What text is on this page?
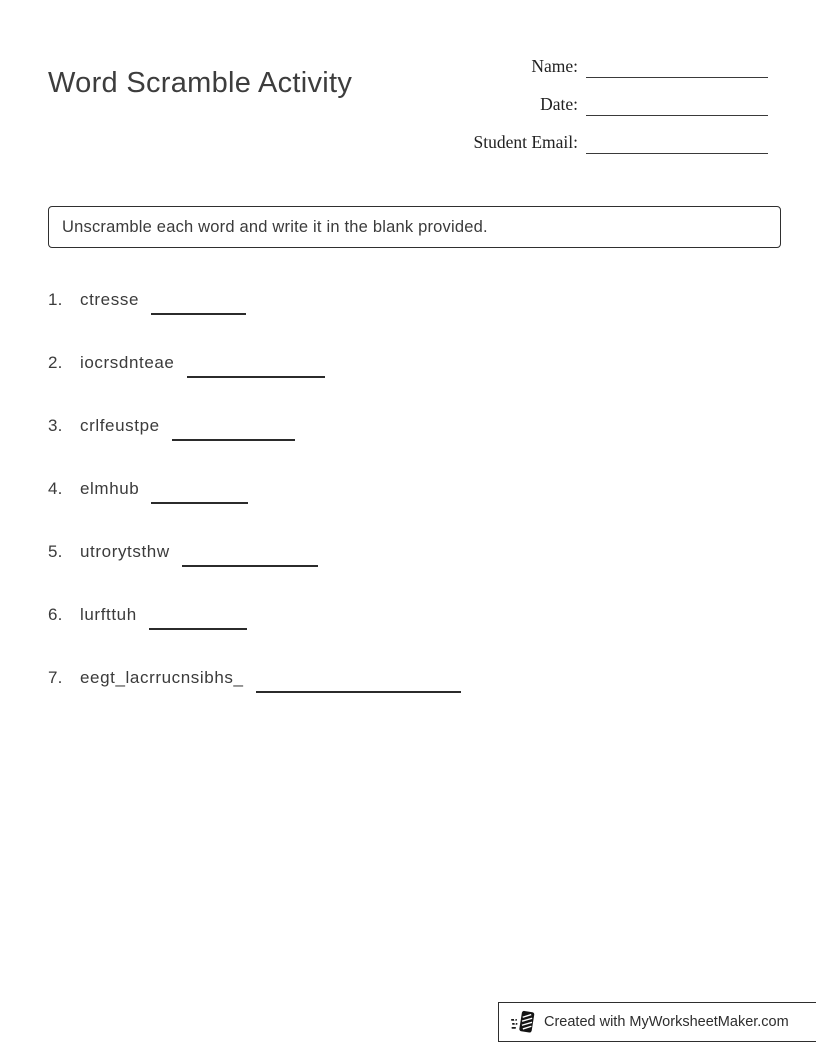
Word Scramble Activity
Name:
Date:
Student Email:
Unscramble each word and write it in the blank provided.
1.	ctresse
2.	iocrsdnteae
3.	crlfeustpe
4.	elmhub
5.	utrorytsthw
6.	lurfttuh
7.	eegt_lacrrucnsibhs_
Created with MyWorksheetMaker.com
